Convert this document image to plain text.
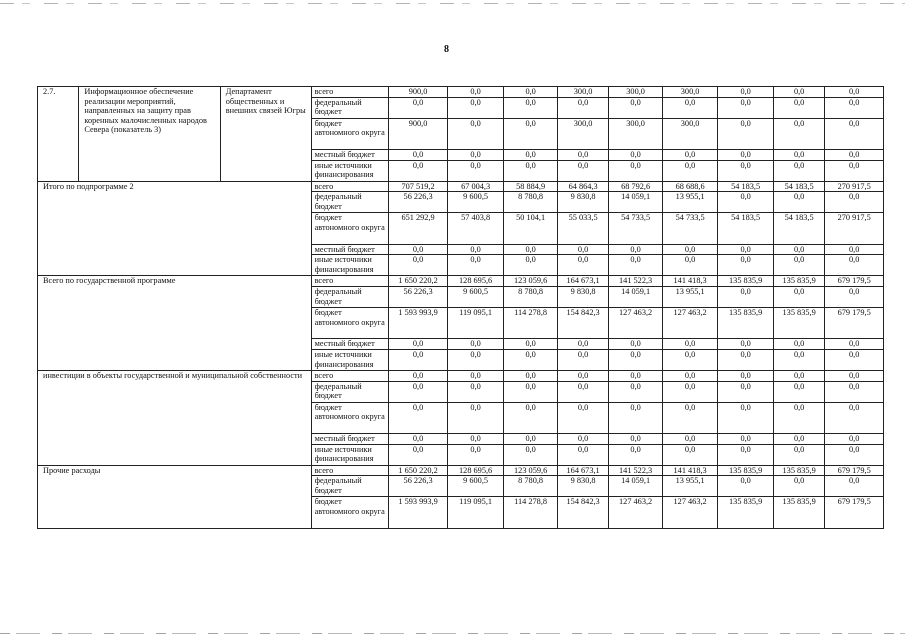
8
2.7.	Информационное обеспечение реализации мероприятий, направленных на защиту прав коренных малочисленных народов Севера (показатель 3)	Департамент общественных и внешних связей Югры	всего	900,0	0,0	0,0	300,0	300,0	300,0	0,0	0,0	0,0
			федеральный бюджет	0,0	0,0	0,0	0,0	0,0	0,0	0,0	0,0	0,0
			бюджет автономного округа	900,0	0,0	0,0	300,0	300,0	300,0	0,0	0,0	0,0
			местный бюджет	0,0	0,0	0,0	0,0	0,0	0,0	0,0	0,0	0,0
			иные источники финансирования	0,0	0,0	0,0	0,0	0,0	0,0	0,0	0,0	0,0
Итого по подпрограмме 2			всего	707 519,2	67 004,3	58 884,9	64 864,3	68 792,6	68 688,6	54 183,5	54 183,5	270 917,5
			федеральный бюджет	56 226,3	9 600,5	8 780,8	9 830,8	14 059,1	13 955,1	0,0	0,0	0,0
			бюджет автономного округа	651 292,9	57 403,8	50 104,1	55 033,5	54 733,5	54 733,5	54 183,5	54 183,5	270 917,5
			местный бюджет	0,0	0,0	0,0	0,0	0,0	0,0	0,0	0,0	0,0
			иные источники финансирования	0,0	0,0	0,0	0,0	0,0	0,0	0,0	0,0	0,0
Всего по государственной программе			всего	1 650 220,2	128 695,6	123 059,6	164 673,1	141 522,3	141 418,3	135 835,9	135 835,9	679 179,5
			федеральный бюджет	56 226,3	9 600,5	8 780,8	9 830,8	14 059,1	13 955,1	0,0	0,0	0,0
			бюджет автономного округа	1 593 993,9	119 095,1	114 278,8	154 842,3	127 463,2	127 463,2	135 835,9	135 835,9	679 179,5
			местный бюджет	0,0	0,0	0,0	0,0	0,0	0,0	0,0	0,0	0,0
			иные источники финансирования	0,0	0,0	0,0	0,0	0,0	0,0	0,0	0,0	0,0
инвестиции в объекты государственной и муниципальной собственности			всего	0,0	0,0	0,0	0,0	0,0	0,0	0,0	0,0	0,0
			федеральный бюджет	0,0	0,0	0,0	0,0	0,0	0,0	0,0	0,0	0,0
			бюджет автономного округа	0,0	0,0	0,0	0,0	0,0	0,0	0,0	0,0	0,0
			местный бюджет	0,0	0,0	0,0	0,0	0,0	0,0	0,0	0,0	0,0
			иные источники финансирования	0,0	0,0	0,0	0,0	0,0	0,0	0,0	0,0	0,0
Прочие расходы			всего	1 650 220,2	128 695,6	123 059,6	164 673,1	141 522,3	141 418,3	135 835,9	135 835,9	679 179,5
			федеральный бюджет	56 226,3	9 600,5	8 780,8	9 830,8	14 059,1	13 955,1	0,0	0,0	0,0
			бюджет автономного округа	1 593 993,9	119 095,1	114 278,8	154 842,3	127 463,2	127 463,2	135 835,9	135 835,9	679 179,5
